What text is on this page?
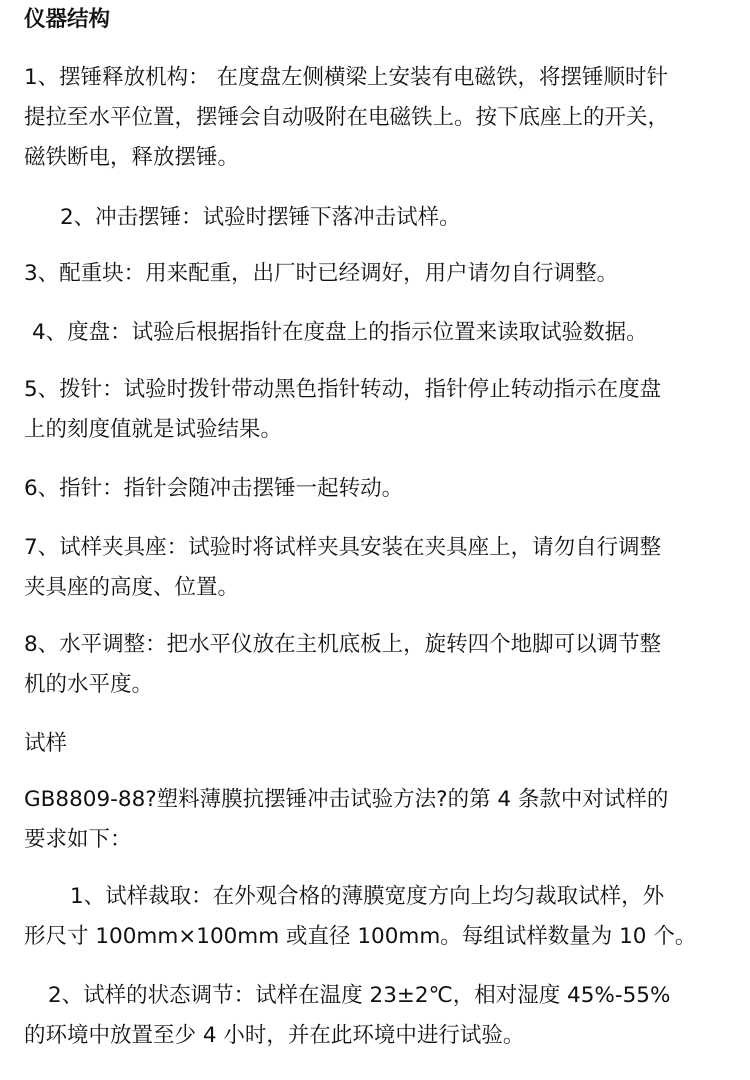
仪器结构
1、摆锤释放机构： 在度盘左侧横梁上安装有电磁铁，将摆锤顺时针
提拉至水平位置，摆锤会自动吸附在电磁铁上。按下底座上的开关，
磁铁断电，释放摆锤。
2、冲击摆锤：试验时摆锤下落冲击试样。
3、配重块：用来配重，出厂时已经调好，用户请勿自行调整。
4、度盘：试验后根据指针在度盘上的指示位置来读取试验数据。
5、拨针：试验时拨针带动黑色指针转动，指针停止转动指示在度盘
上的刻度值就是试验结果。
6、指针：指针会随冲击摆锤一起转动。
7、试样夹具座：试验时将试样夹具安装在夹具座上，请勿自行调整
夹具座的高度、位置。
8、水平调整：把水平仪放在主机底板上，旋转四个地脚可以调节整
机的水平度。
试样
GB8809-88?塑料薄膜抗摆锤冲击试验方法?的第 4 条款中对试样的
要求如下：
1、试样裁取：在外观合格的薄膜宽度方向上均匀裁取试样，外
形尺寸 100mm×100mm 或直径 100mm。每组试样数量为 10 个。
2、试样的状态调节：试样在温度 23±2℃，相对湿度 45%-55%
的环境中放置至少 4 小时，并在此环境中进行试验。
